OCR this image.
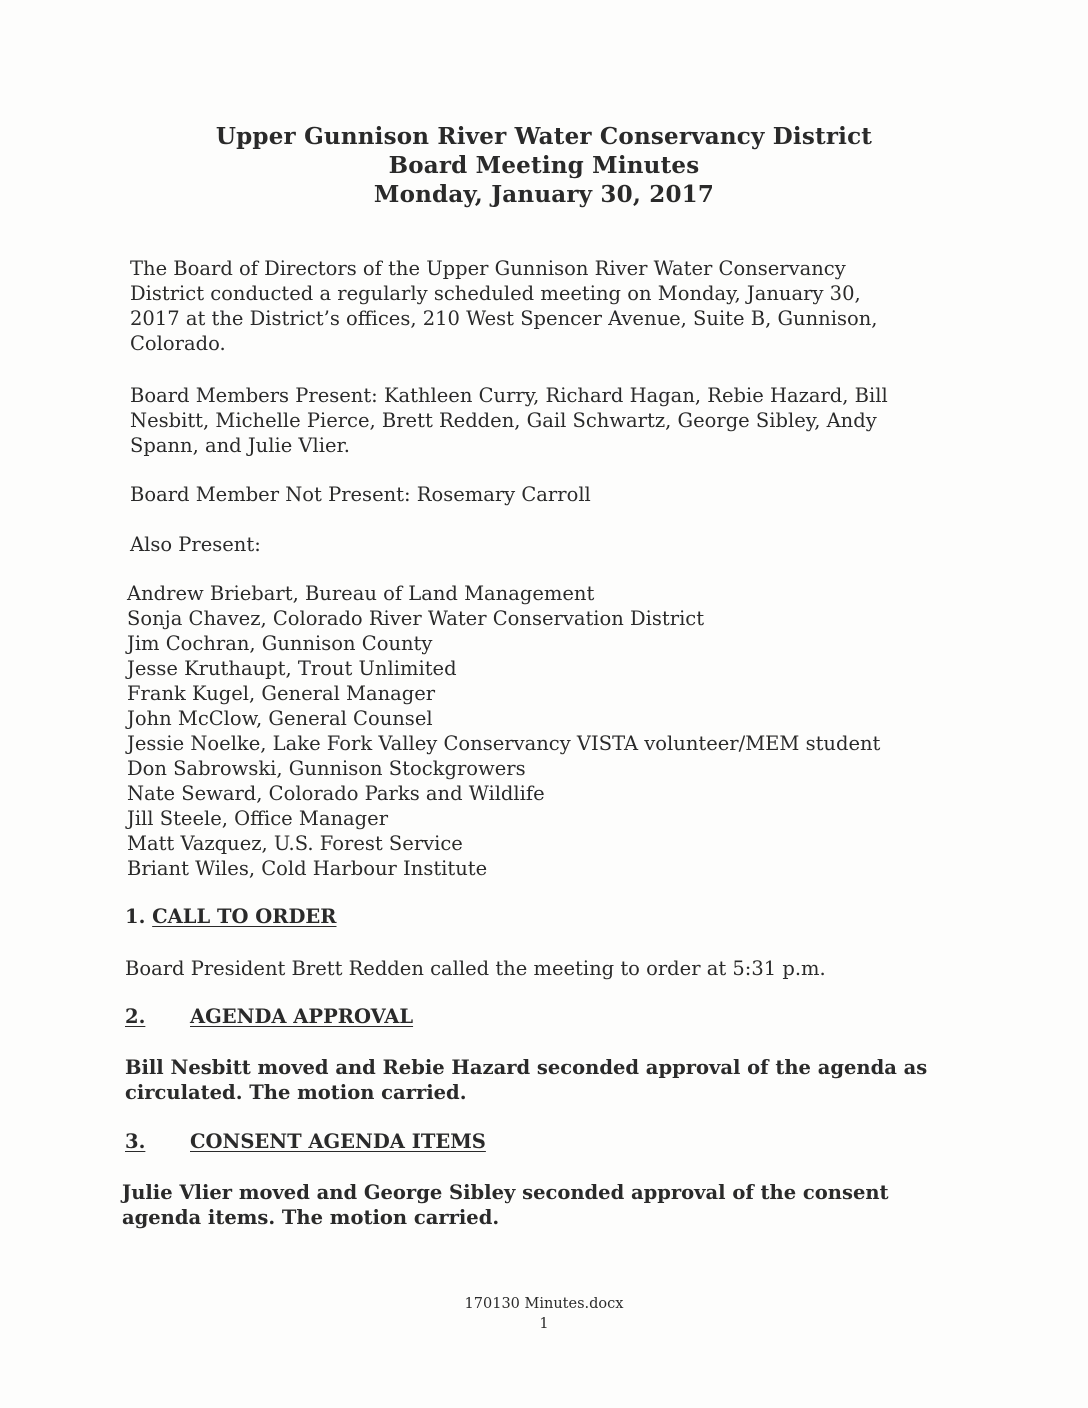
Upper Gunnison River Water Conservancy District
Board Meeting Minutes
Monday, January 30, 2017
The Board of Directors of the Upper Gunnison River Water Conservancy
District conducted a regularly scheduled meeting on Monday, January 30,
2017 at the District’s offices, 210 West Spencer Avenue, Suite B, Gunnison,
Colorado.
Board Members Present: Kathleen Curry, Richard Hagan, Rebie Hazard, Bill
Nesbitt, Michelle Pierce, Brett Redden, Gail Schwartz, George Sibley, Andy
Spann, and Julie Vlier.
Board Member Not Present: Rosemary Carroll
Also Present:
Andrew Briebart, Bureau of Land Management
Sonja Chavez, Colorado River Water Conservation District
Jim Cochran, Gunnison County
Jesse Kruthaupt, Trout Unlimited
Frank Kugel, General Manager
John McClow, General Counsel
Jessie Noelke, Lake Fork Valley Conservancy VISTA volunteer/MEM student
Don Sabrowski, Gunnison Stockgrowers
Nate Seward, Colorado Parks and Wildlife
Jill Steele, Office Manager
Matt Vazquez, U.S. Forest Service
Briant Wiles, Cold Harbour Institute
1. CALL TO ORDER
Board President Brett Redden called the meeting to order at 5:31 p.m.
2. AGENDA APPROVAL
Bill Nesbitt moved and Rebie Hazard seconded approval of the agenda as
circulated. The motion carried.
3. CONSENT AGENDA ITEMS
Julie Vlier moved and George Sibley seconded approval of the consent
agenda items. The motion carried.
170130 Minutes.docx
1
